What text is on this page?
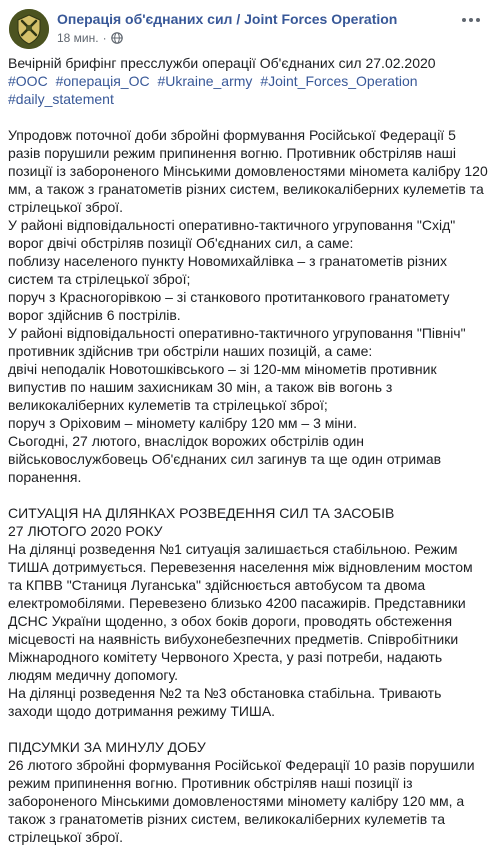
Операція об'єднаних сил / Joint Forces Operation
18 мин. ·

Вечірній брифінг пресслужби операції Об'єднаних сил 27.02.2020

#ООС #операція_ОС #Ukraine_army #Joint_Forces_Operation #daily_statement

Упродовж поточної доби збройні формування Російської Федерації 5 разів порушили режим припинення вогню. Противник обстріляв наші позиції із забороненого Мінськими домовленостями міномета калібру 120 мм, а також з гранатометів різних систем, великокаліберних кулеметів та стрілецької зброї.

У районі відповідальності оперативно-тактичного угруповання "Схід" ворог двічі обстріляв позиції Об'єднаних сил, а саме:
поблизу населеного пункту Новомихайлівка – з гранатометів різних систем та стрілецької зброї;
поруч з Красногорівкою – зі станкового протитанкового гранатомету ворог здійснив 6 пострілів.

У районі відповідальності оперативно-тактичного угруповання "Північ" противник здійснив три обстріли наших позицій, а саме:
двічі неподалік Новотошківського – зі 120-мм мінометів противник випустив по нашим захисникам 30 мін, а також вів вогонь з великокаліберних кулеметів та стрілецької зброї;
поруч з Оріховим – міномету калібру 120 мм – 3 міни.
Сьогодні, 27 лютого, внаслідок ворожих обстрілів один військовослужбовець Об'єднаних сил загинув та ще один отримав поранення.

СИТУАЦІЯ НА ДІЛЯНКАХ РОЗВЕДЕННЯ СИЛ ТА ЗАСОБІВ
27 ЛЮТОГО 2020 РОКУ

На ділянці розведення №1 ситуація залишається стабільною. Режим ТИША дотримується. Перевезення населення між відновленим мостом та КПВВ "Станиця Луганська" здійснюється автобусом та двома електромобілями. Перевезено близько 4200 пасажирів. Представники ДСНС України щоденно, з обох боків дороги, проводять обстеження місцевості на наявність вибухонебезпечних предметів. Співробітники Міжнародного комітету Червоного Хреста, у разі потреби, надають людям медичну допомогу.

На ділянці розведення №2 та №3 обстановка стабільна. Тривають заходи щодо дотримання режиму ТИША.

ПІДСУМКИ ЗА МИНУЛУ ДОБУ

26 лютого збройні формування Російської Федерації 10 разів порушили режим припинення вогню. Противник обстріляв наші позиції із забороненого Мінськими домовленостями міномету калібру 120 мм, а також з гранатометів різних систем, великокаліберних кулеметів та стрілецької зброї.
